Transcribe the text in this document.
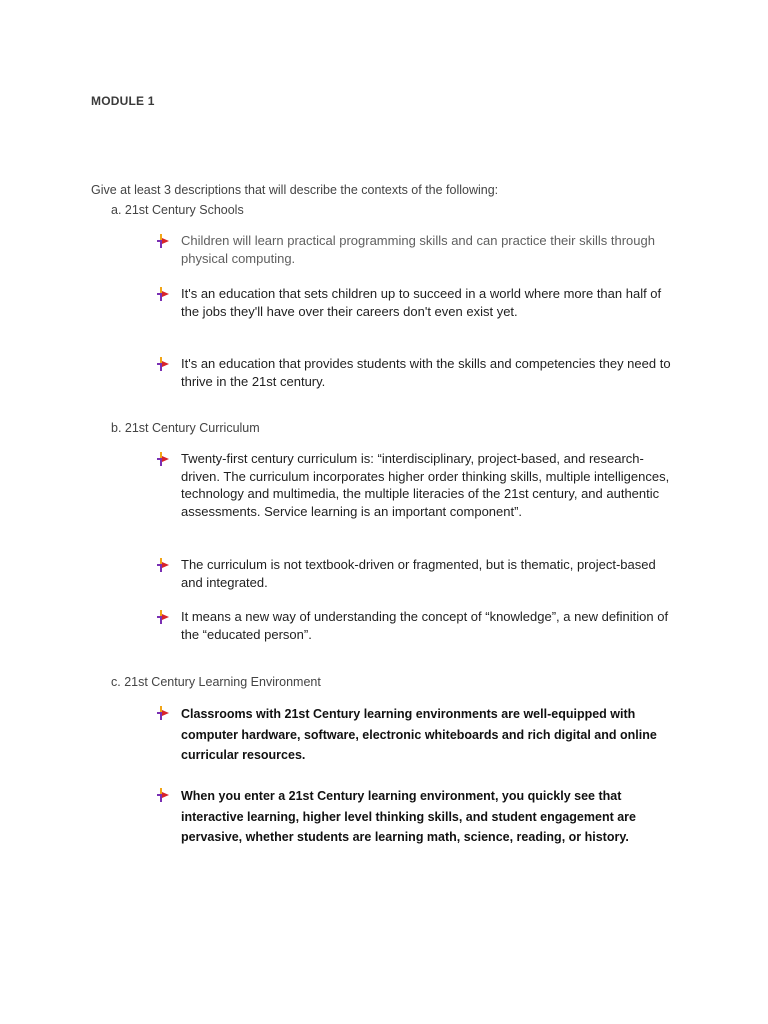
MODULE 1
Give at least 3 descriptions that will describe the contexts of the following:
a. 21st Century Schools
Children will learn practical programming skills and can practice their skills through physical computing.
It's an education that sets children up to succeed in a world where more than half of the jobs they'll have over their careers don't even exist yet.
It's an education that provides students with the skills and competencies they need to thrive in the 21st century.
b. 21st Century Curriculum
Twenty-first century curriculum is: “interdisciplinary, project-based, and research-driven. The curriculum incorporates higher order thinking skills, multiple intelligences, technology and multimedia, the multiple literacies of the 21st century, and authentic assessments. Service learning is an important component”.
The curriculum is not textbook-driven or fragmented, but is thematic, project-based and integrated.
It means a new way of understanding the concept of “knowledge”, a new definition of the “educated person”.
c. 21st Century Learning Environment
Classrooms with 21st Century learning environments are well-equipped with computer hardware, software, electronic whiteboards and rich digital and online curricular resources.
When you enter a 21st Century learning environment, you quickly see that interactive learning, higher level thinking skills, and student engagement are pervasive, whether students are learning math, science, reading, or history.
